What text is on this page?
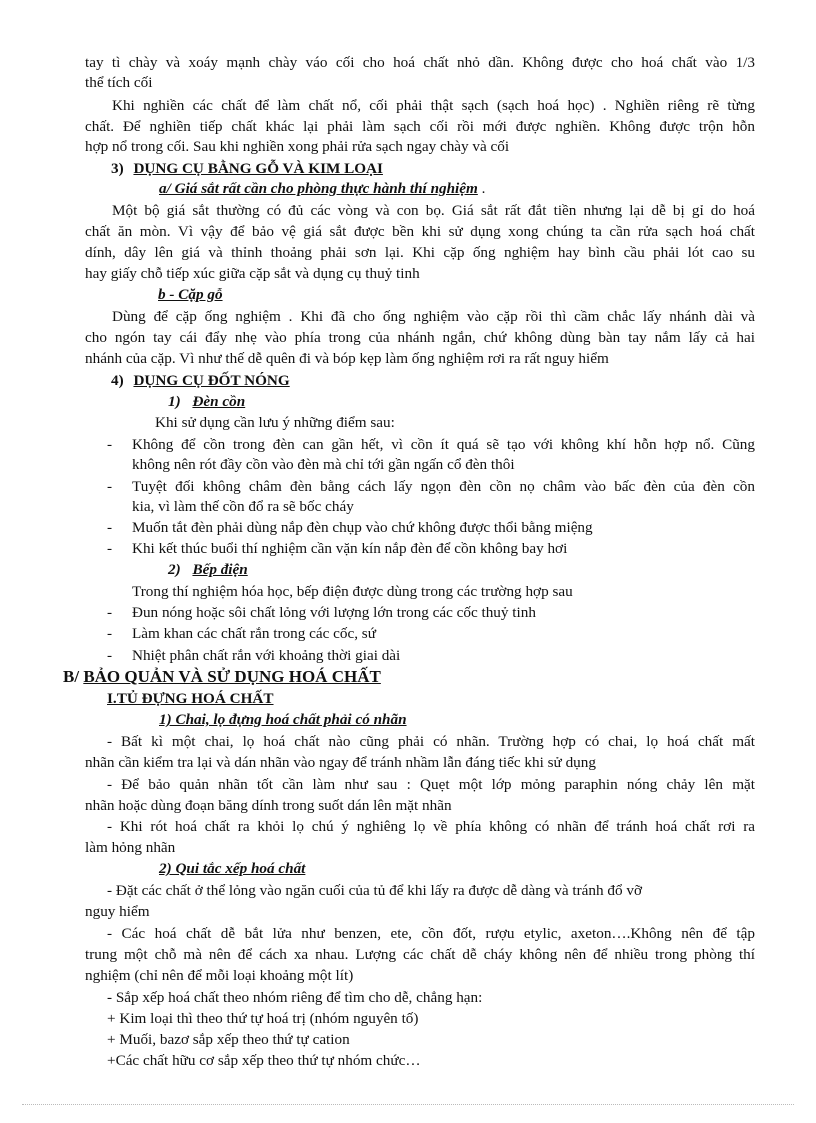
tay tì chày và xoáy mạnh chày váo cối cho hoá chất nhỏ dần. Không được cho hoá chất vào 1/3
thể tích cối
Khi nghiền các chất để làm chất nổ, cối phải thật sạch (sạch hoá học) . Nghiền riêng rẽ từng
chất. Để nghiền tiếp chất khác lại phải làm sạch cối rồi mới được nghiền. Không được trộn hỗn
hợp nổ trong cối. Sau khi nghiền xong phải rửa sạch ngay chày và cối
3) DỤNG CỤ BẰNG GỖ VÀ KIM LOẠI
a/ Giá sắt rất cần cho phòng thực hành thí nghiệm .
Một bộ giá sắt thường có đủ các vòng và con bọ. Giá sắt rất đắt tiền nhưng lại dễ bị gỉ do hoá
chất ăn mòn. Vì vậy để bảo vệ giá sắt được bền khi sử dụng xong chúng ta cần rửa sạch hoá chất
dính, dây lên giá và thỉnh thoảng phải sơn lại. Khi cặp ống nghiệm hay bình cầu phải lót cao su
hay giấy chỗ tiếp xúc giữa cặp sắt và dụng cụ thuỷ tinh
b - Cặp gỗ
Dùng để cặp ống nghiệm . Khi đã cho ống nghiệm vào cặp rồi thì cầm chắc lấy nhánh dài và
cho ngón tay cái đẩy nhẹ vào phía trong của nhánh ngắn, chứ không dùng bàn tay nắm lấy cả hai
nhánh của cặp. Vì như thế dễ quên đi và bóp kẹp làm ống nghiệm rơi ra rất nguy hiểm
4) DỤNG CỤ ĐỐT NÓNG
1) Đèn cồn
Khi sử dụng cần lưu ý những điểm sau:
- Không để cồn trong đèn can gần hết, vì cồn ít quá sẽ tạo với không khí hỗn hợp nổ. Cũng
không nên rót đầy cồn vào đèn mà chỉ tới gần ngấn cổ đèn thôi
- Tuyệt đối không châm đèn bằng cách lấy ngọn đèn cồn nọ châm vào bấc đèn của đèn cồn
kia, vì làm thế cồn đổ ra sẽ bốc cháy
- Muốn tắt đèn phải dùng nắp đèn chụp vào chứ không được thổi bằng miệng
- Khi kết thúc buổi thí nghiệm cần vặn kín nắp đèn để cồn không bay hơi
2) Bếp điện
Trong thí nghiệm hóa học, bếp điện được dùng trong các trường hợp sau
- Đun nóng hoặc sôi chất lỏng với lượng lớn trong các cốc thuỷ tinh
- Làm khan các chất rắn trong các cốc, sứ
- Nhiệt phân chất rắn với khoảng thời giai dài
B/ BẢO QUẢN VÀ SỬ DỤNG HOÁ CHẤT
I.TỦ ĐỰNG HOÁ CHẤT
1) Chai, lọ đựng hoá chất phải có nhãn
- Bất kì một chai, lọ hoá chất nào cũng phải có nhãn. Trường hợp có chai, lọ hoá chất mất
nhãn cần kiểm tra lại và dán nhãn vào ngay để tránh nhầm lẫn đáng tiếc khi sử dụng
- Để bảo quản nhãn tốt cần làm như sau : Quẹt một lớp mỏng paraphin nóng chảy lên mặt
nhãn hoặc dùng đoạn băng dính trong suốt dán lên mặt nhãn
- Khi rót hoá chất ra khỏi lọ chú ý nghiêng lọ về phía không có nhãn để tránh hoá chất rơi ra
làm hỏng nhãn
2) Qui tắc xếp hoá chất
- Đặt các chất ở thể lỏng vào ngăn cuối của tủ để khi lấy ra được dễ dàng và tránh đổ vỡ
nguy hiểm
- Các hoá chất dễ bắt lửa như benzen, ete, cồn đốt, rượu etylic, axeton….Không nên để tập
trung một chỗ mà nên để cách xa nhau. Lượng các chất dễ cháy không nên để nhiều trong phòng thí
nghiệm (chỉ nên để mỗi loại khoảng một lít)
- Sắp xếp hoá chất theo nhóm riêng để tìm cho dễ, chẳng hạn:
+ Kim loại thì theo thứ tự hoá trị (nhóm nguyên tố)
+ Muối, bazơ sắp xếp theo thứ tự cation
+Các chất hữu cơ sắp xếp theo thứ tự nhóm chức…
